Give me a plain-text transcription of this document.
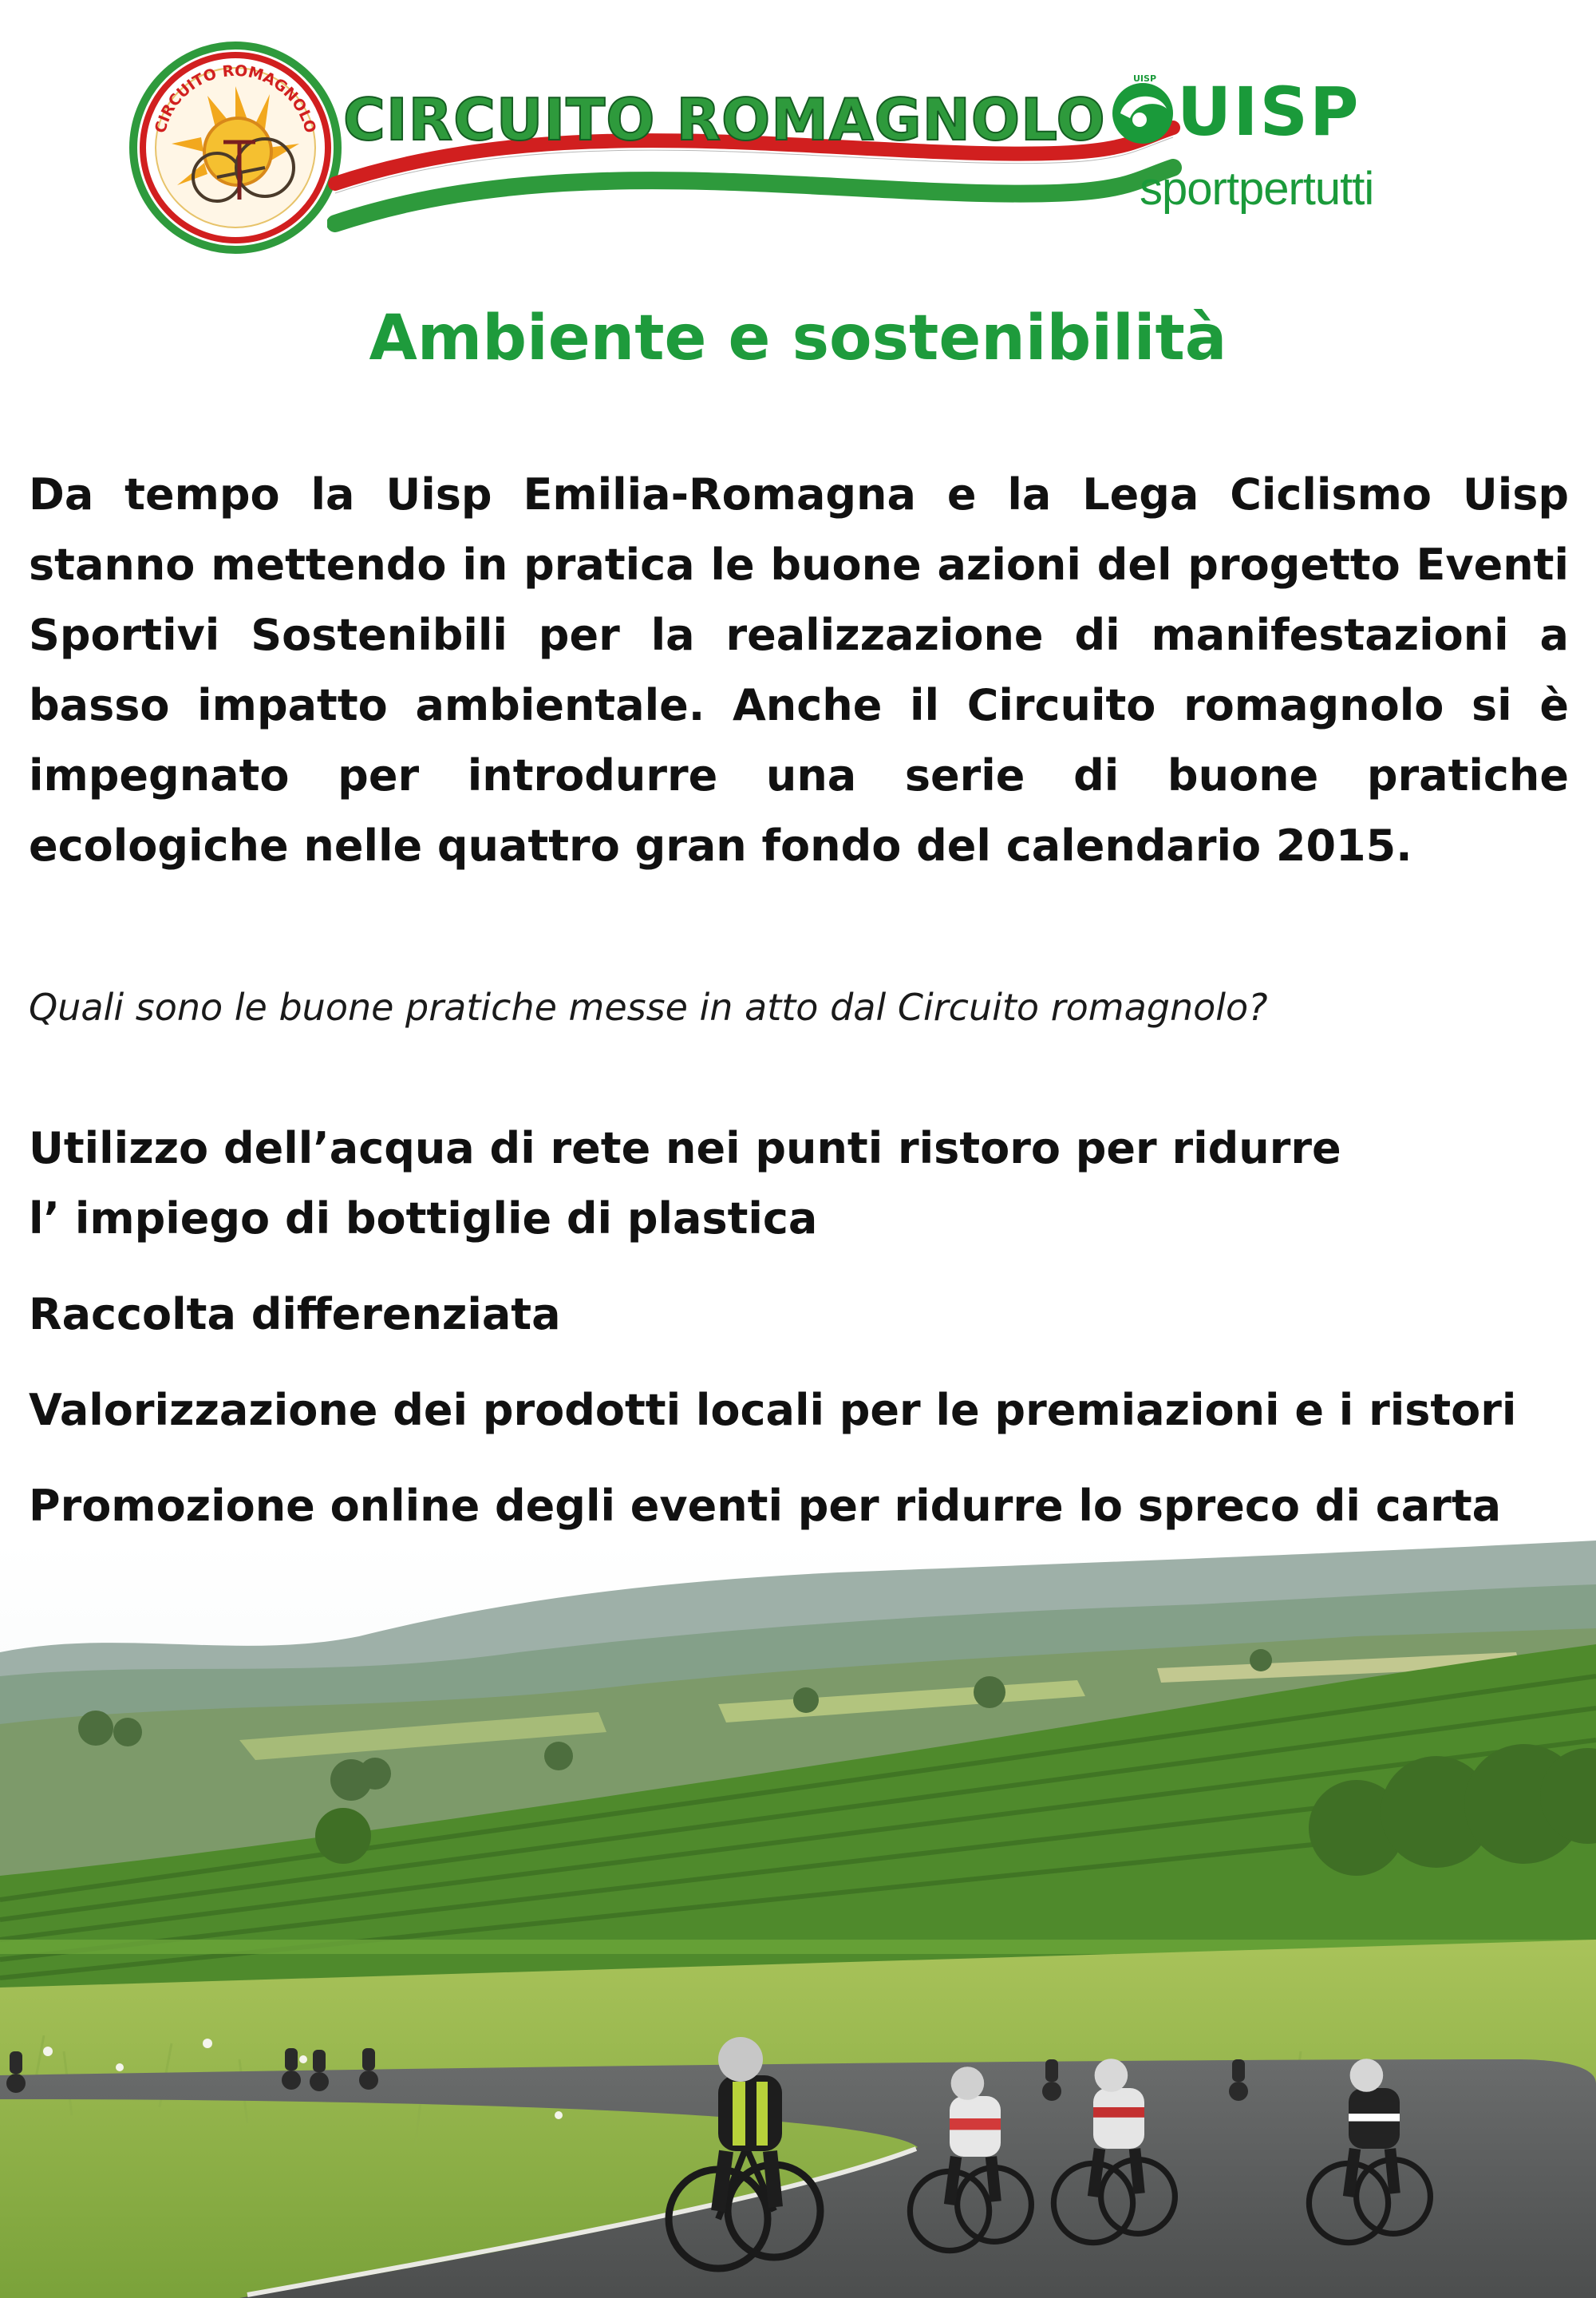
CIRCUITO ROMAGNOLO CIRCUITO ROMAGNOLO
UISP UISP
sportpertutti
Ambiente e sostenibilità

Da tempo la Uisp Emilia-Romagna e la Lega Ciclismo Uisp stanno mettendo in pratica le buone azioni del progetto Eventi Sportivi Sostenibili per la realizzazione di manifestazioni a basso impatto ambientale. Anche il Circuito romagnolo si è impegnato per introdurre una serie di buone pratiche ecologiche nelle quattro gran fondo del calendario 2015.

Quali sono le buone pratiche messe in atto dal Circuito romagnolo?
Utilizzo dell’acqua di rete nei punti ristoro per ridurre
l’ impiego di bottiglie di plastica
Raccolta differenziata
Valorizzazione dei prodotti locali per le premiazioni e i ristori
Promozione online degli eventi per ridurre lo spreco di carta
